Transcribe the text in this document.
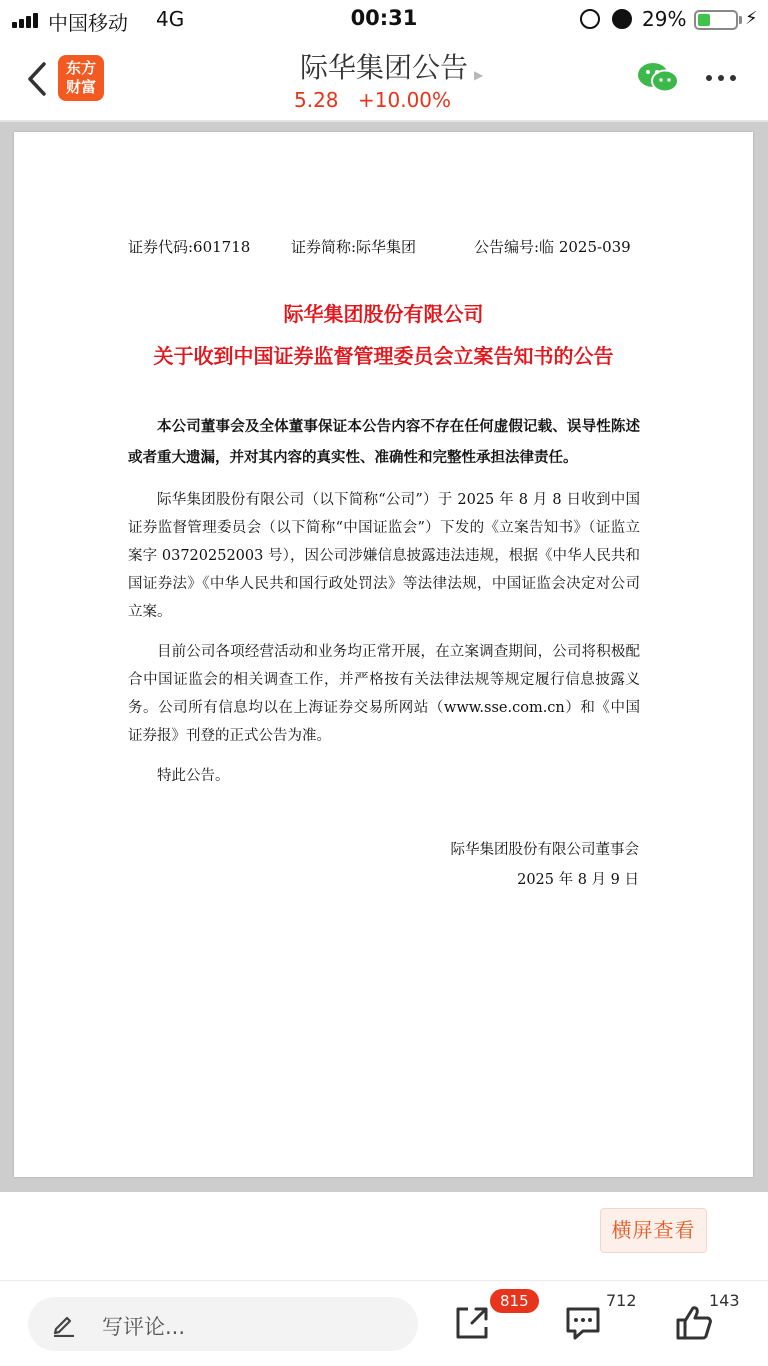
中国移动 4G	00:31	29%	⚡
东方
财富
际华集团公告
5.28 +10.00%
▶
证券代码:601718	证券简称:际华集团	公告编号:临 2025-039
际华集团股份有限公司
关于收到中国证券监督管理委员会立案告知书的公告

本公司董事会及全体董事保证本公告内容不存在任何虚假记载、误导性陈述或者重大遗漏，并对其内容的真实性、准确性和完整性承担法律责任。

际华集团股份有限公司（以下简称“公司”）于 2025 年 8 月 8 日收到中国证券监督管理委员会（以下简称“中国证监会”）下发的《立案告知书》（证监立案字 03720252003 号），因公司涉嫌信息披露违法违规，根据《中华人民共和国证券法》《中华人民共和国行政处罚法》等法律法规，中国证监会决定对公司立案。

目前公司各项经营活动和业务均正常开展，在立案调查期间，公司将积极配合中国证监会的相关调查工作，并严格按有关法律法规等规定履行信息披露义务。公司所有信息均以在上海证券交易所网站（www.sse.com.cn）和《中国证券报》刊登的正式公告为准。

特此公告。

际华集团股份有限公司董事会
2025 年 8 月 9 日
横屏查看
写评论...
815	712	143
